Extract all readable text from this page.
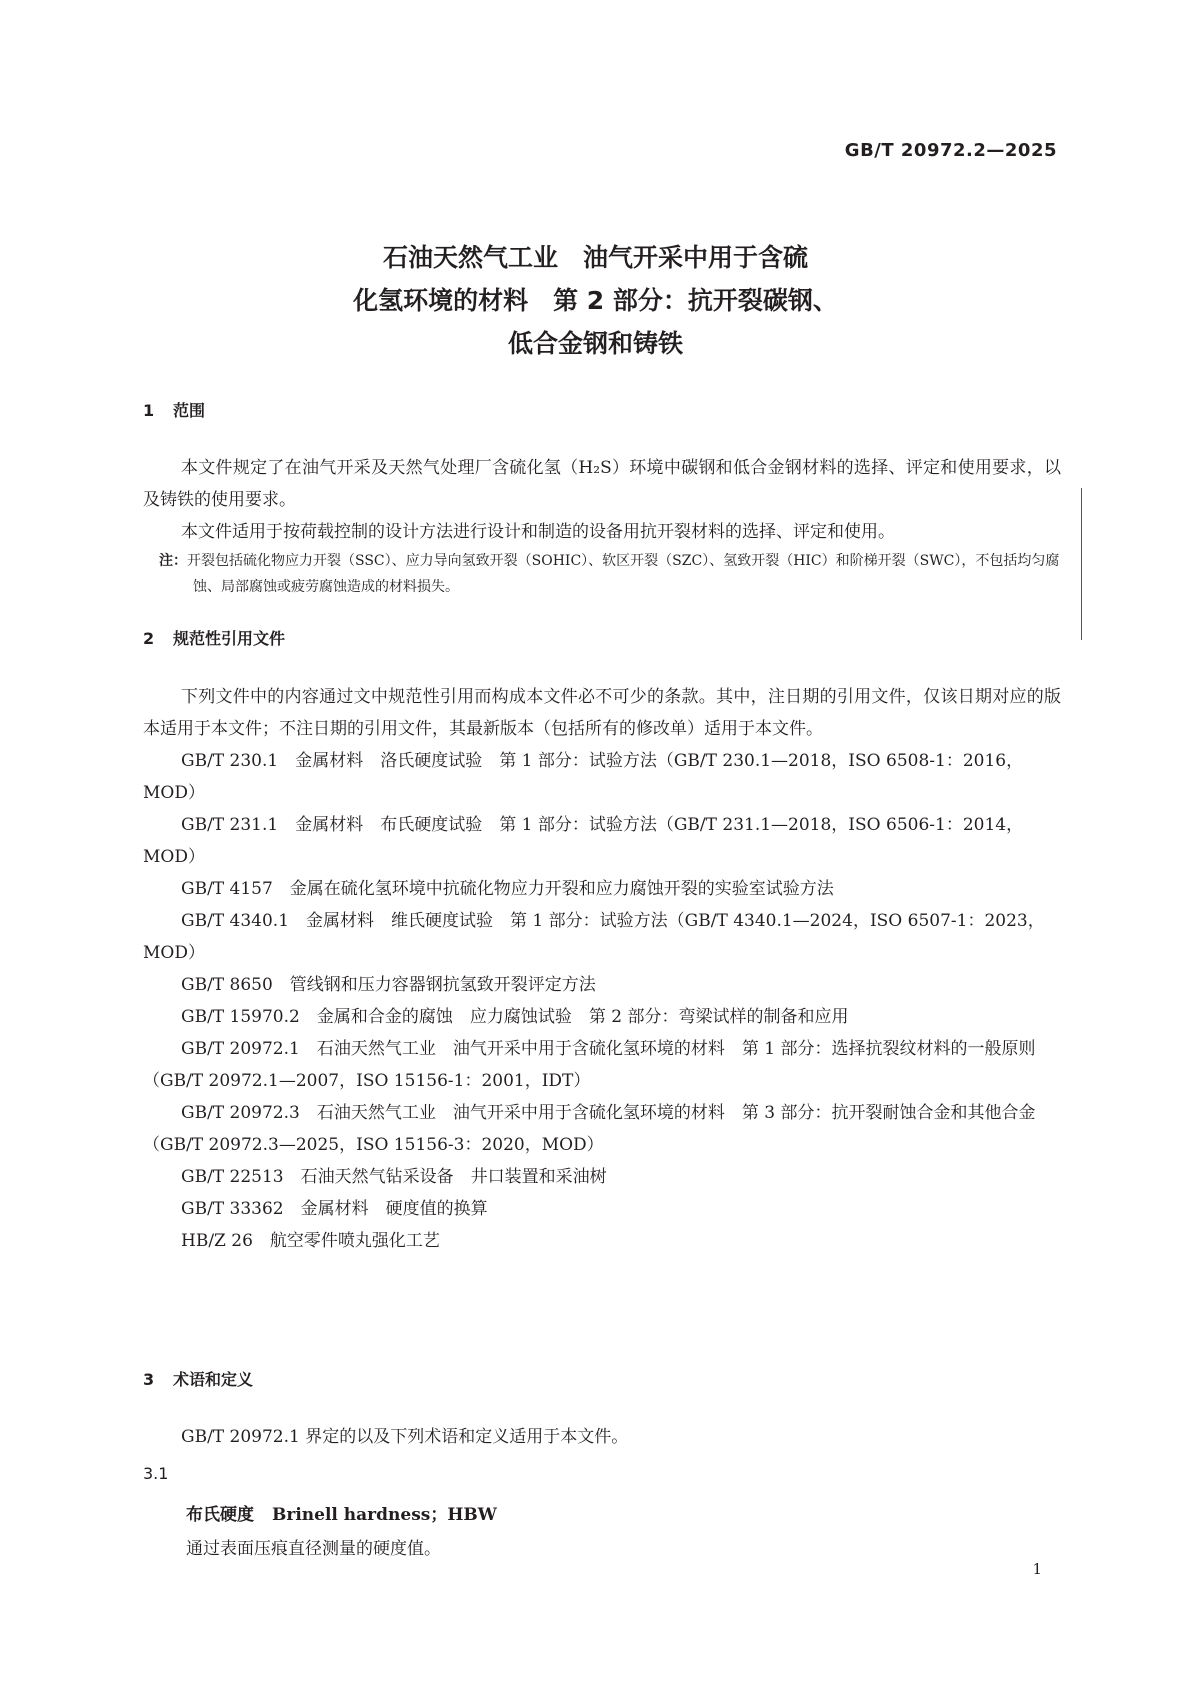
GB/T 20972.2—2025
石油天然气工业　油气开采中用于含硫
化氢环境的材料　第 2 部分：抗开裂碳钢、
低合金钢和铸铁
1 范围

本文件规定了在油气开采及天然气处理厂含硫化氢（H₂S）环境中碳钢和低合金钢材料的选择、评定和使用要求，以及铸铁的使用要求。

本文件适用于按荷载控制的设计方法进行设计和制造的设备用抗开裂材料的选择、评定和使用。

注：开裂包括硫化物应力开裂（SSC）、应力导向氢致开裂（SOHIC）、软区开裂（SZC）、氢致开裂（HIC）和阶梯开裂（SWC），不包括均匀腐蚀、局部腐蚀或疲劳腐蚀造成的材料损失。

2 规范性引用文件

下列文件中的内容通过文中规范性引用而构成本文件必不可少的条款。其中，注日期的引用文件，仅该日期对应的版本适用于本文件；不注日期的引用文件，其最新版本（包括所有的修改单）适用于本文件。

GB/T 230.1　金属材料　洛氏硬度试验　第 1 部分：试验方法（GB/T 230.1—2018，ISO 6508-1：2016，MOD）

GB/T 231.1　金属材料　布氏硬度试验　第 1 部分：试验方法（GB/T 231.1—2018，ISO 6506-1：2014，MOD）

GB/T 4157　金属在硫化氢环境中抗硫化物应力开裂和应力腐蚀开裂的实验室试验方法

GB/T 4340.1　金属材料　维氏硬度试验　第 1 部分：试验方法（GB/T 4340.1—2024，ISO 6507-1：2023，MOD）

GB/T 8650　管线钢和压力容器钢抗氢致开裂评定方法

GB/T 15970.2　金属和合金的腐蚀　应力腐蚀试验　第 2 部分：弯梁试样的制备和应用

GB/T 20972.1　石油天然气工业　油气开采中用于含硫化氢环境的材料　第 1 部分：选择抗裂纹材料的一般原则（GB/T 20972.1—2007，ISO 15156-1：2001，IDT）

GB/T 20972.3　石油天然气工业　油气开采中用于含硫化氢环境的材料　第 3 部分：抗开裂耐蚀合金和其他合金（GB/T 20972.3—2025，ISO 15156-3：2020，MOD）

GB/T 22513　石油天然气钻采设备　井口装置和采油树

GB/T 33362　金属材料　硬度值的换算

HB/Z 26　航空零件喷丸强化工艺

3 术语和定义

GB/T 20972.1 界定的以及下列术语和定义适用于本文件。

3.1
布氏硬度 Brinell hardness；HBW
通过表面压痕直径测量的硬度值。
1
